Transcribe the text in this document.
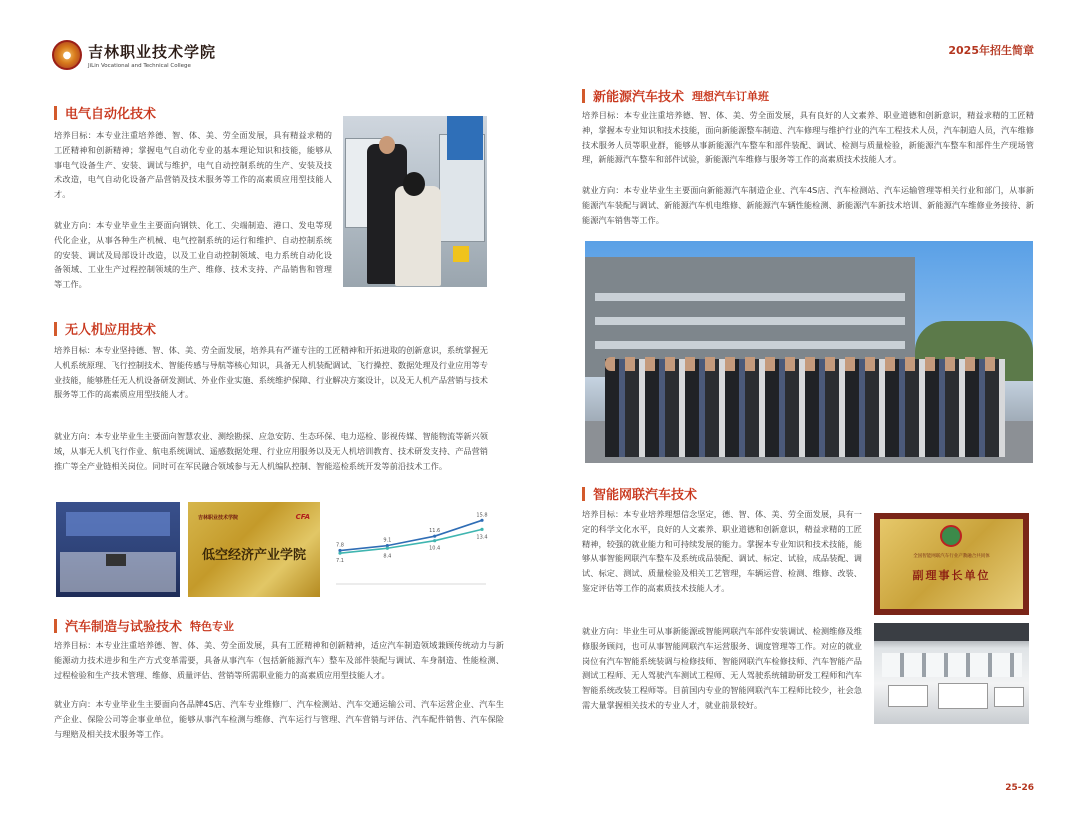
●	吉林职业技术学院
JiLin Vocational and Technical College
电气自动化技术
培养目标：本专业注重培养德、智、体、美、劳全面发展，具有精益求精的工匠精神和创新精神；掌握电气自动化专业的基本理论知识和技能，能够从事电气设备生产、安装、调试与维护，电气自动控制系统的生产、安装及技术改造，电气自动化设备产品营销及技术服务等工作的高素质应用型技能人才。
就业方向：本专业毕业生主要面向钢铁、化工、尖端制造、港口、发电等现代化企业，从事各种生产机械、电气控制系统的运行和维护、自动控制系统的安装、调试及局部设计改造，以及工业自动控制领域、电力系统自动化设备领域、工业生产过程控制领域的生产、维修、技术支持、产品销售和管理等工作。
无人机应用技术
培养目标：本专业坚持德、智、体、美、劳全面发展，培养具有严谨专注的工匠精神和开拓进取的创新意识，系统掌握无人机系统原理、飞行控制技术、智能传感与导航等核心知识，具备无人机装配调试、飞行操控、数据处理及行业应用等专业技能，能够胜任无人机设备研发测试、外业作业实施、系统维护保障、行业解决方案设计，以及无人机产品营销与技术服务等工作的高素质应用型技能人才。
就业方向：本专业毕业生主要面向智慧农业、测绘勘探、应急安防、生态环保、电力巡检、影视传媒、智能物流等新兴领域，从事无人机飞行作业、航电系统调试、遥感数据处理、行业应用服务以及无人机培训教育、技术研发支持、产品营销推广等全产业链相关岗位。同时可在军民融合领域参与无人机编队控制、智能巡检系统开发等前沿技术工作。
吉林职业技术学院	CFA
低空经济产业学院
7.8
9.1
11.6
15.8
7.1
8.4
10.4
13.4
汽车制造与试验技术 特色专业
培养目标：本专业注重培养德、智、体、美、劳全面发展，具有工匠精神和创新精神，适应汽车制造领域兼顾传统动力与新能源动力技术进步和生产方式变革需要，具备从事汽车（包括新能源汽车）整车及部件装配与调试、车身制造、性能检测、过程检验和生产技术管理、维修、质量评估、营销等所需职业能力的高素质应用型技能人才。
就业方向：本专业毕业生主要面向各品牌4S店、汽车专业维修厂、汽车检测站、汽车交通运输公司、汽车运营企业、汽车生产企业、保险公司等企事业单位，能够从事汽车检测与维修、汽车运行与管理、汽车营销与评估、汽车配件销售、汽车保险与理赔及相关技术服务等工作。
2025年招生简章
新能源汽车技术 理想汽车订单班
培养目标：本专业注重培养德、智、体、美、劳全面发展，具有良好的人文素养、职业道德和创新意识，精益求精的工匠精神，掌握本专业知识和技术技能，面向新能源整车制造、汽车修理与维护行业的汽车工程技术人员，汽车制造人员，汽车维修技术服务人员等职业群，能够从事新能源汽车整车和部件装配、调试、检测与质量检验，新能源汽车整车和部件生产现场管理，新能源汽车整车和部件试验，新能源汽车维修与服务等工作的高素质技术技能人才。
就业方向：本专业毕业生主要面向新能源汽车制造企业、汽车4S店、汽车检测站、汽车运输管理等相关行业和部门，从事新能源汽车装配与调试、新能源汽车机电维修、新能源汽车辆性能检测、新能源汽车新技术培训、新能源汽车维修业务接待、新能源汽车销售等工作。
智能网联汽车技术
培养目标：本专业培养理想信念坚定，德、智、体、美、劳全面发展，具有一定的科学文化水平，良好的人文素养、职业道德和创新意识，精益求精的工匠精神，较强的就业能力和可持续发展的能力。掌握本专业知识和技术技能，能够从事智能网联汽车整车及系统成品装配、调试、标定、试验，成品装配、调试、标定、测试、质量检验及相关工艺管理，车辆运营、检测、维修、改装、鉴定评估等工作的高素质技术技能人才。
就业方向：毕业生可从事新能源或智能网联汽车部件安装调试、检测维修及维修服务顾问，也可从事智能网联汽车运营服务、调度管理等工作。对应的就业岗位有汽车智能系统装调与检修技师、智能网联汽车检修技师、汽车智能产品测试工程师、无人驾驶汽车测试工程师、无人驾驶系统辅助研发工程师和汽车智能系统改装工程师等。目前国内专业的智能网联汽车工程师比较少，社会急需大量掌握相关技术的专业人才，就业前景较好。
全国智能网联汽车行业产教融合共同体
副理事长单位
25-26
